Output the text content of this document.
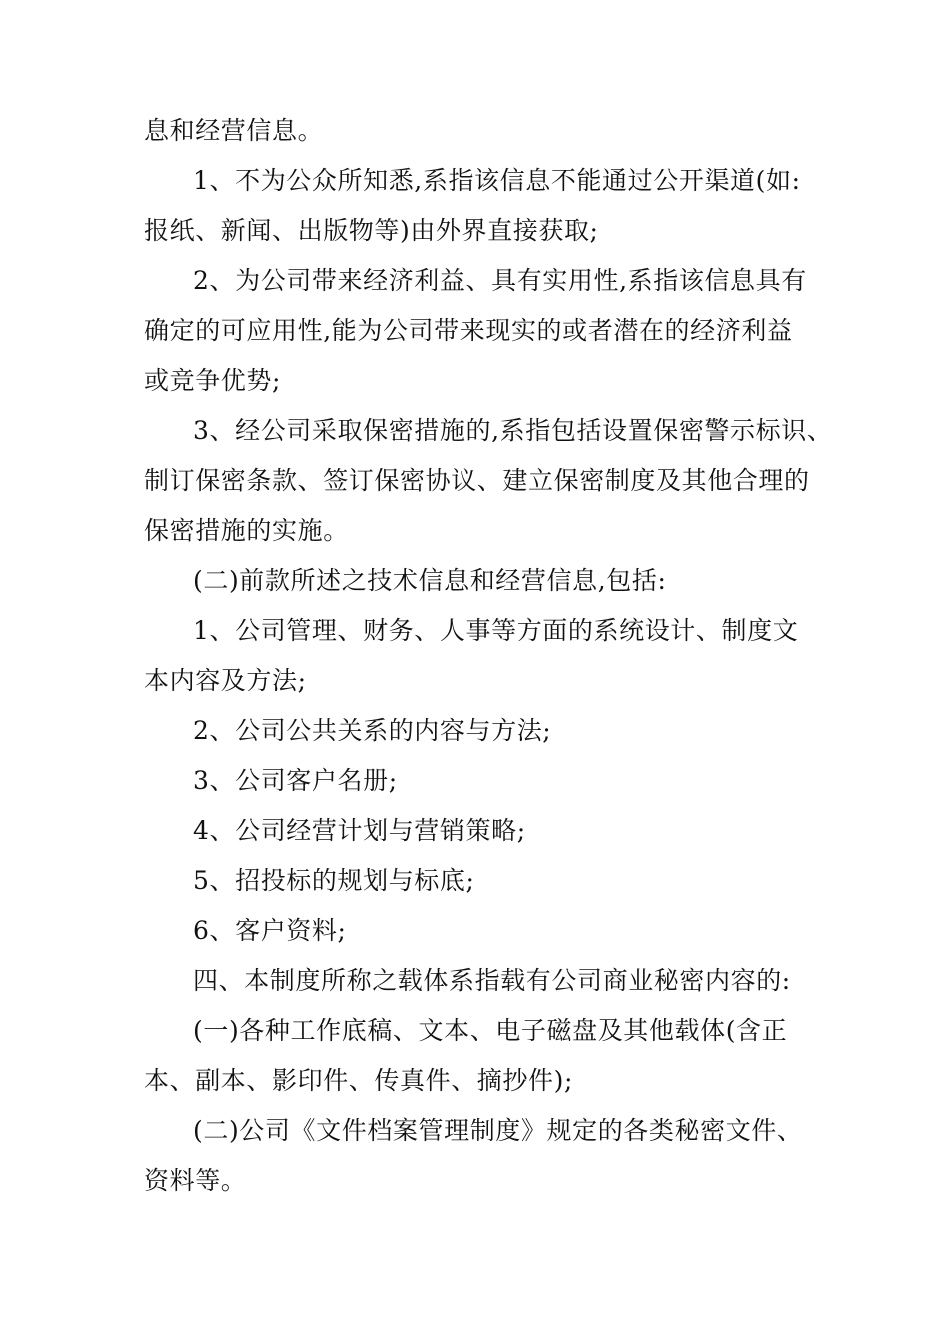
息和经营信息。
1、不为公众所知悉,系指该信息不能通过公开渠道(如:
报纸、新闻、出版物等)由外界直接获取;
2、为公司带来经济利益、具有实用性,系指该信息具有
确定的可应用性,能为公司带来现实的或者潜在的经济利益
或竞争优势;
3、经公司采取保密措施的,系指包括设置保密警示标识、
制订保密条款、签订保密协议、建立保密制度及其他合理的
保密措施的实施。
(二)前款所述之技术信息和经营信息,包括:
1、公司管理、财务、人事等方面的系统设计、制度文
本内容及方法;
2、公司公共关系的内容与方法;
3、公司客户名册;
4、公司经营计划与营销策略;
5、招投标的规划与标底;
6、客户资料;
四、本制度所称之载体系指载有公司商业秘密内容的:
(一)各种工作底稿、文本、电子磁盘及其他载体(含正
本、副本、影印件、传真件、摘抄件);
(二)公司《文件档案管理制度》规定的各类秘密文件、
资料等。
